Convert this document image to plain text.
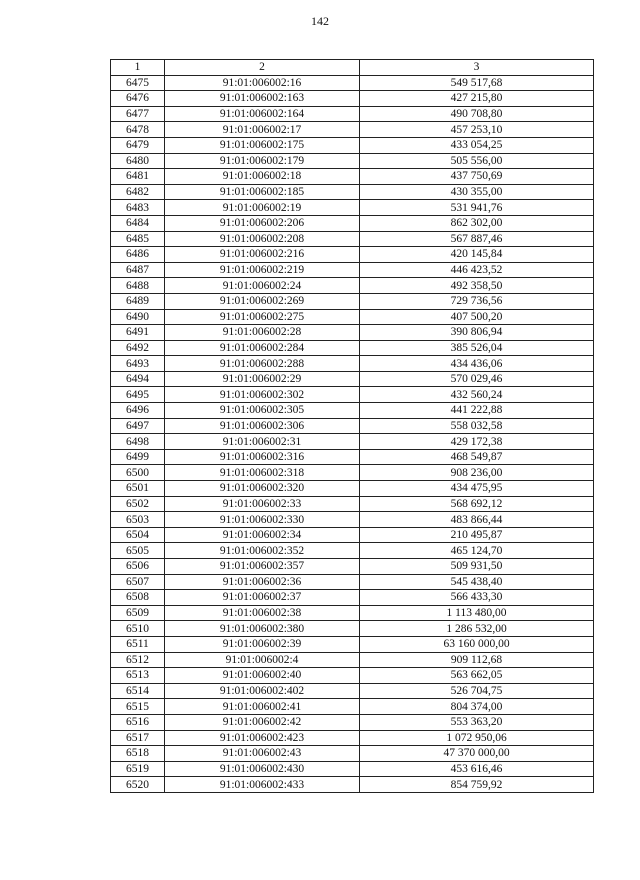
142
1	2	3
6475	91:01:006002:16	549 517,68
6476	91:01:006002:163	427 215,80
6477	91:01:006002:164	490 708,80
6478	91:01:006002:17	457 253,10
6479	91:01:006002:175	433 054,25
6480	91:01:006002:179	505 556,00
6481	91:01:006002:18	437 750,69
6482	91:01:006002:185	430 355,00
6483	91:01:006002:19	531 941,76
6484	91:01:006002:206	862 302,00
6485	91:01:006002:208	567 887,46
6486	91:01:006002:216	420 145,84
6487	91:01:006002:219	446 423,52
6488	91:01:006002:24	492 358,50
6489	91:01:006002:269	729 736,56
6490	91:01:006002:275	407 500,20
6491	91:01:006002:28	390 806,94
6492	91:01:006002:284	385 526,04
6493	91:01:006002:288	434 436,06
6494	91:01:006002:29	570 029,46
6495	91:01:006002:302	432 560,24
6496	91:01:006002:305	441 222,88
6497	91:01:006002:306	558 032,58
6498	91:01:006002:31	429 172,38
6499	91:01:006002:316	468 549,87
6500	91:01:006002:318	908 236,00
6501	91:01:006002:320	434 475,95
6502	91:01:006002:33	568 692,12
6503	91:01:006002:330	483 866,44
6504	91:01:006002:34	210 495,87
6505	91:01:006002:352	465 124,70
6506	91:01:006002:357	509 931,50
6507	91:01:006002:36	545 438,40
6508	91:01:006002:37	566 433,30
6509	91:01:006002:38	1 113 480,00
6510	91:01:006002:380	1 286 532,00
6511	91:01:006002:39	63 160 000,00
6512	91:01:006002:4	909 112,68
6513	91:01:006002:40	563 662,05
6514	91:01:006002:402	526 704,75
6515	91:01:006002:41	804 374,00
6516	91:01:006002:42	553 363,20
6517	91:01:006002:423	1 072 950,06
6518	91:01:006002:43	47 370 000,00
6519	91:01:006002:430	453 616,46
6520	91:01:006002:433	854 759,92
